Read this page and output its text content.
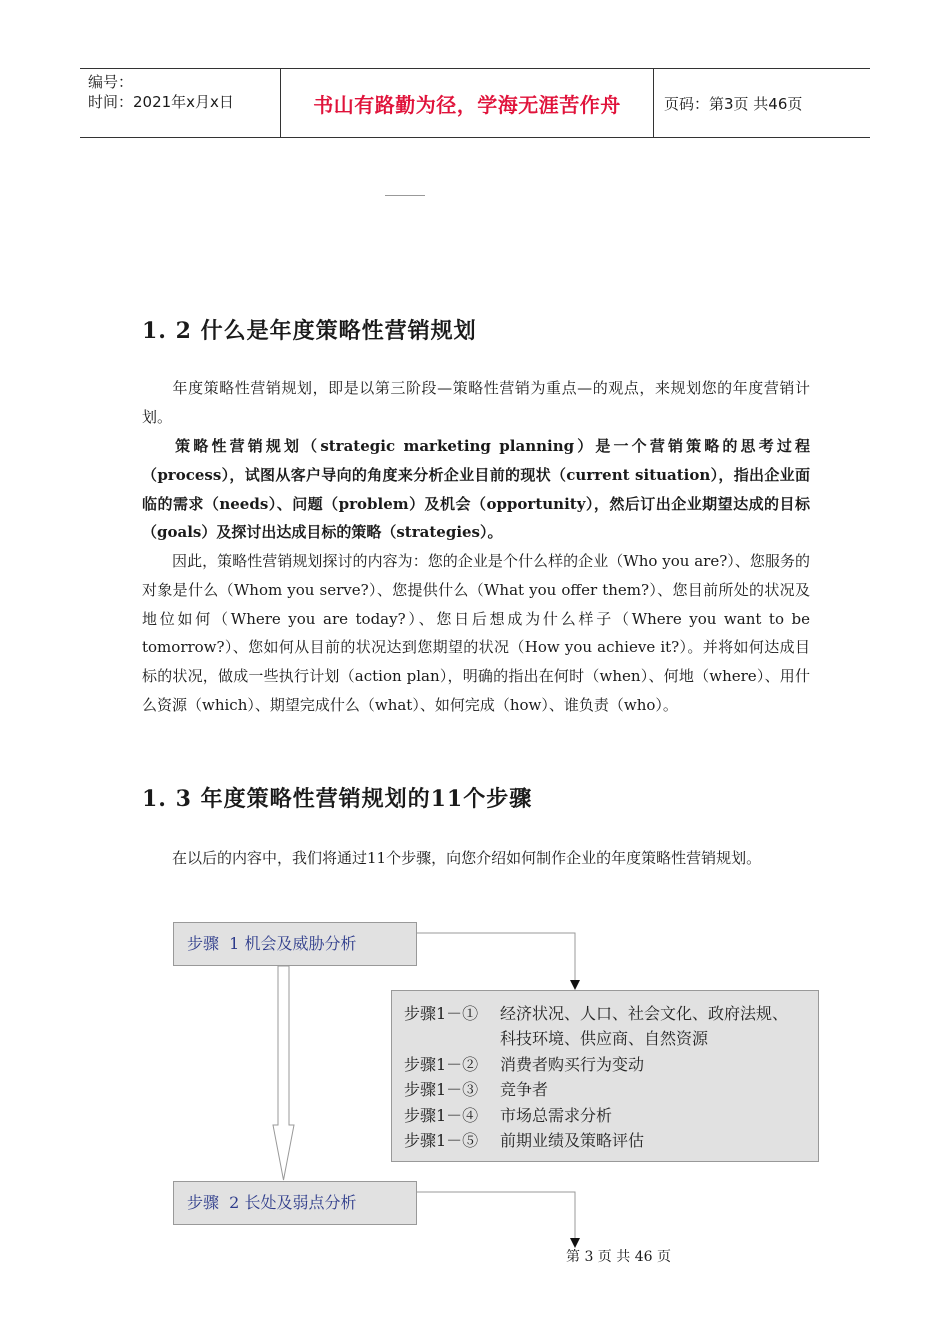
编号：
时间：2021年x月x日	书山有路勤为径，学海无涯苦作舟	页码：第3页 共46页
1. 2 什么是年度策略性营销规划

年度策略性营销规划，即是以第三阶段—策略性营销为重点—的观点，来规划您的年度营销计划。

策略性营销规划（strategic marketing planning）是一个营销策略的思考过程（process），试图从客户导向的角度来分析企业目前的现状（current situation），指出企业面临的需求（needs）、问题（problem）及机会（opportunity），然后订出企业期望达成的目标（goals）及探讨出达成目标的策略（strategies）。

因此，策略性营销规划探讨的内容为：您的企业是个什么样的企业（Who you are?）、您服务的对象是什么（Whom you serve?）、您提供什么（What you offer them?）、您目前所处的状况及地位如何（Where you are today?）、您日后想成为什么样子（Where you want to be tomorrow?）、您如何从目前的状况达到您期望的状况（How you achieve it?）。并将如何达成目标的状况，做成一些执行计划（action plan），明确的指出在何时（when）、何地（where）、用什么资源（which）、期望完成什么（what）、如何完成（how）、谁负责（who）。

1. 3 年度策略性营销规划的11个步骤

在以后的内容中，我们将通过11个步骤，向您介绍如何制作企业的年度策略性营销规划。

步骤  1 机会及威胁分析
步骤1－① 经济状况、人口、社会文化、政府法规、
科技环境、供应商、自然资源
步骤1－② 消费者购买行为变动
步骤1－③ 竞争者
步骤1－④ 市场总需求分析
步骤1－⑤ 前期业绩及策略评估
步骤  2 长处及弱点分析
第 3 页 共 46 页
